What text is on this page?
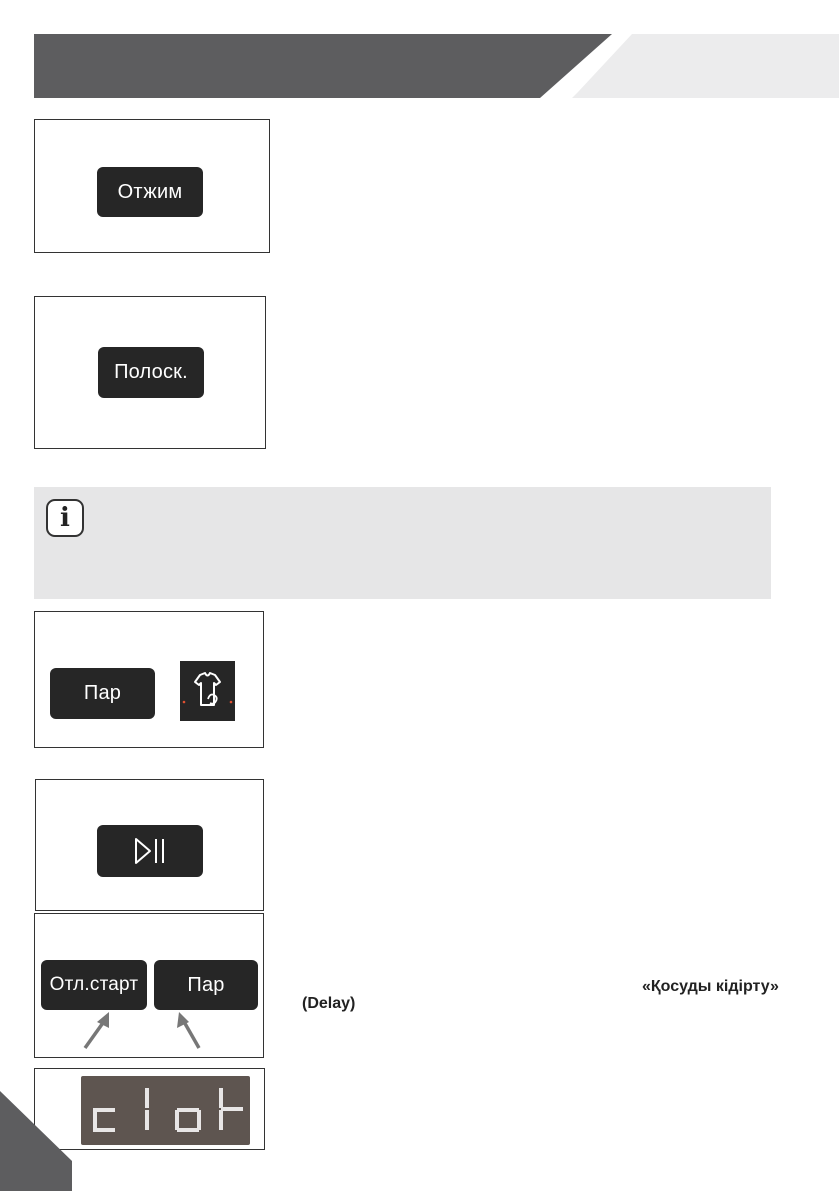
Отжим
Полоск.
i
Пар
Отл.старт	Пар	«Қосуды кідірту»
(Delay)
